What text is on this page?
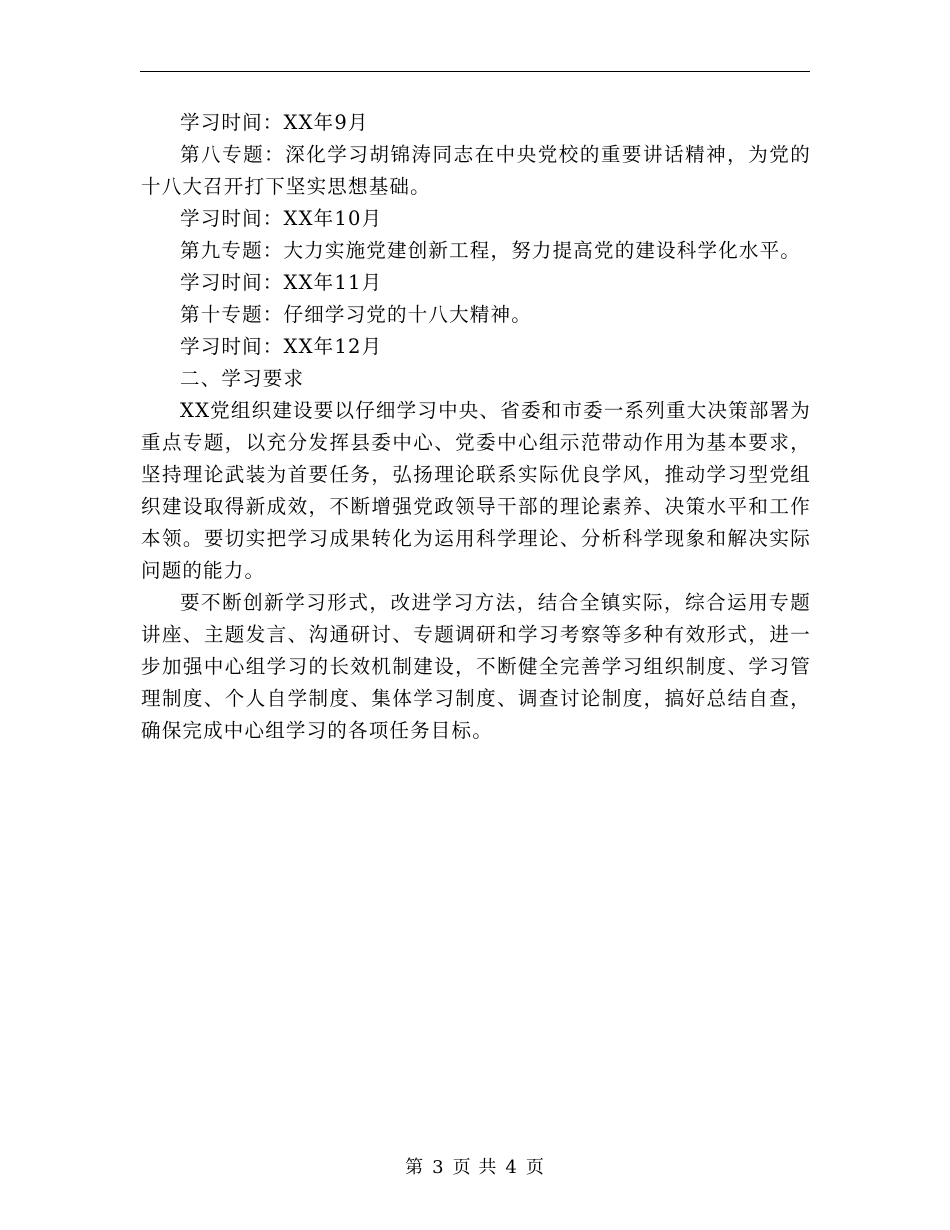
学习时间：XX年9月

第八专题：深化学习胡锦涛同志在中央党校的重要讲话精神，为党的十八大召开打下坚实思想基础。

学习时间：XX年10月

第九专题：大力实施党建创新工程，努力提高党的建设科学化水平。

学习时间：XX年11月

第十专题：仔细学习党的十八大精神。

学习时间：XX年12月

二、学习要求

XX党组织建设要以仔细学习中央、省委和市委一系列重大决策部署为重点专题，以充分发挥县委中心、党委中心组示范带动作用为基本要求，坚持理论武装为首要任务，弘扬理论联系实际优良学风，推动学习型党组织建设取得新成效，不断增强党政领导干部的理论素养、决策水平和工作本领。要切实把学习成果转化为运用科学理论、分析科学现象和解决实际问题的能力。

要不断创新学习形式，改进学习方法，结合全镇实际，综合运用专题讲座、主题发言、沟通研讨、专题调研和学习考察等多种有效形式，进一步加强中心组学习的长效机制建设，不断健全完善学习组织制度、学习管理制度、个人自学制度、集体学习制度、调查讨论制度，搞好总结自查，确保完成中心组学习的各项任务目标。

第 3 页 共 4 页
